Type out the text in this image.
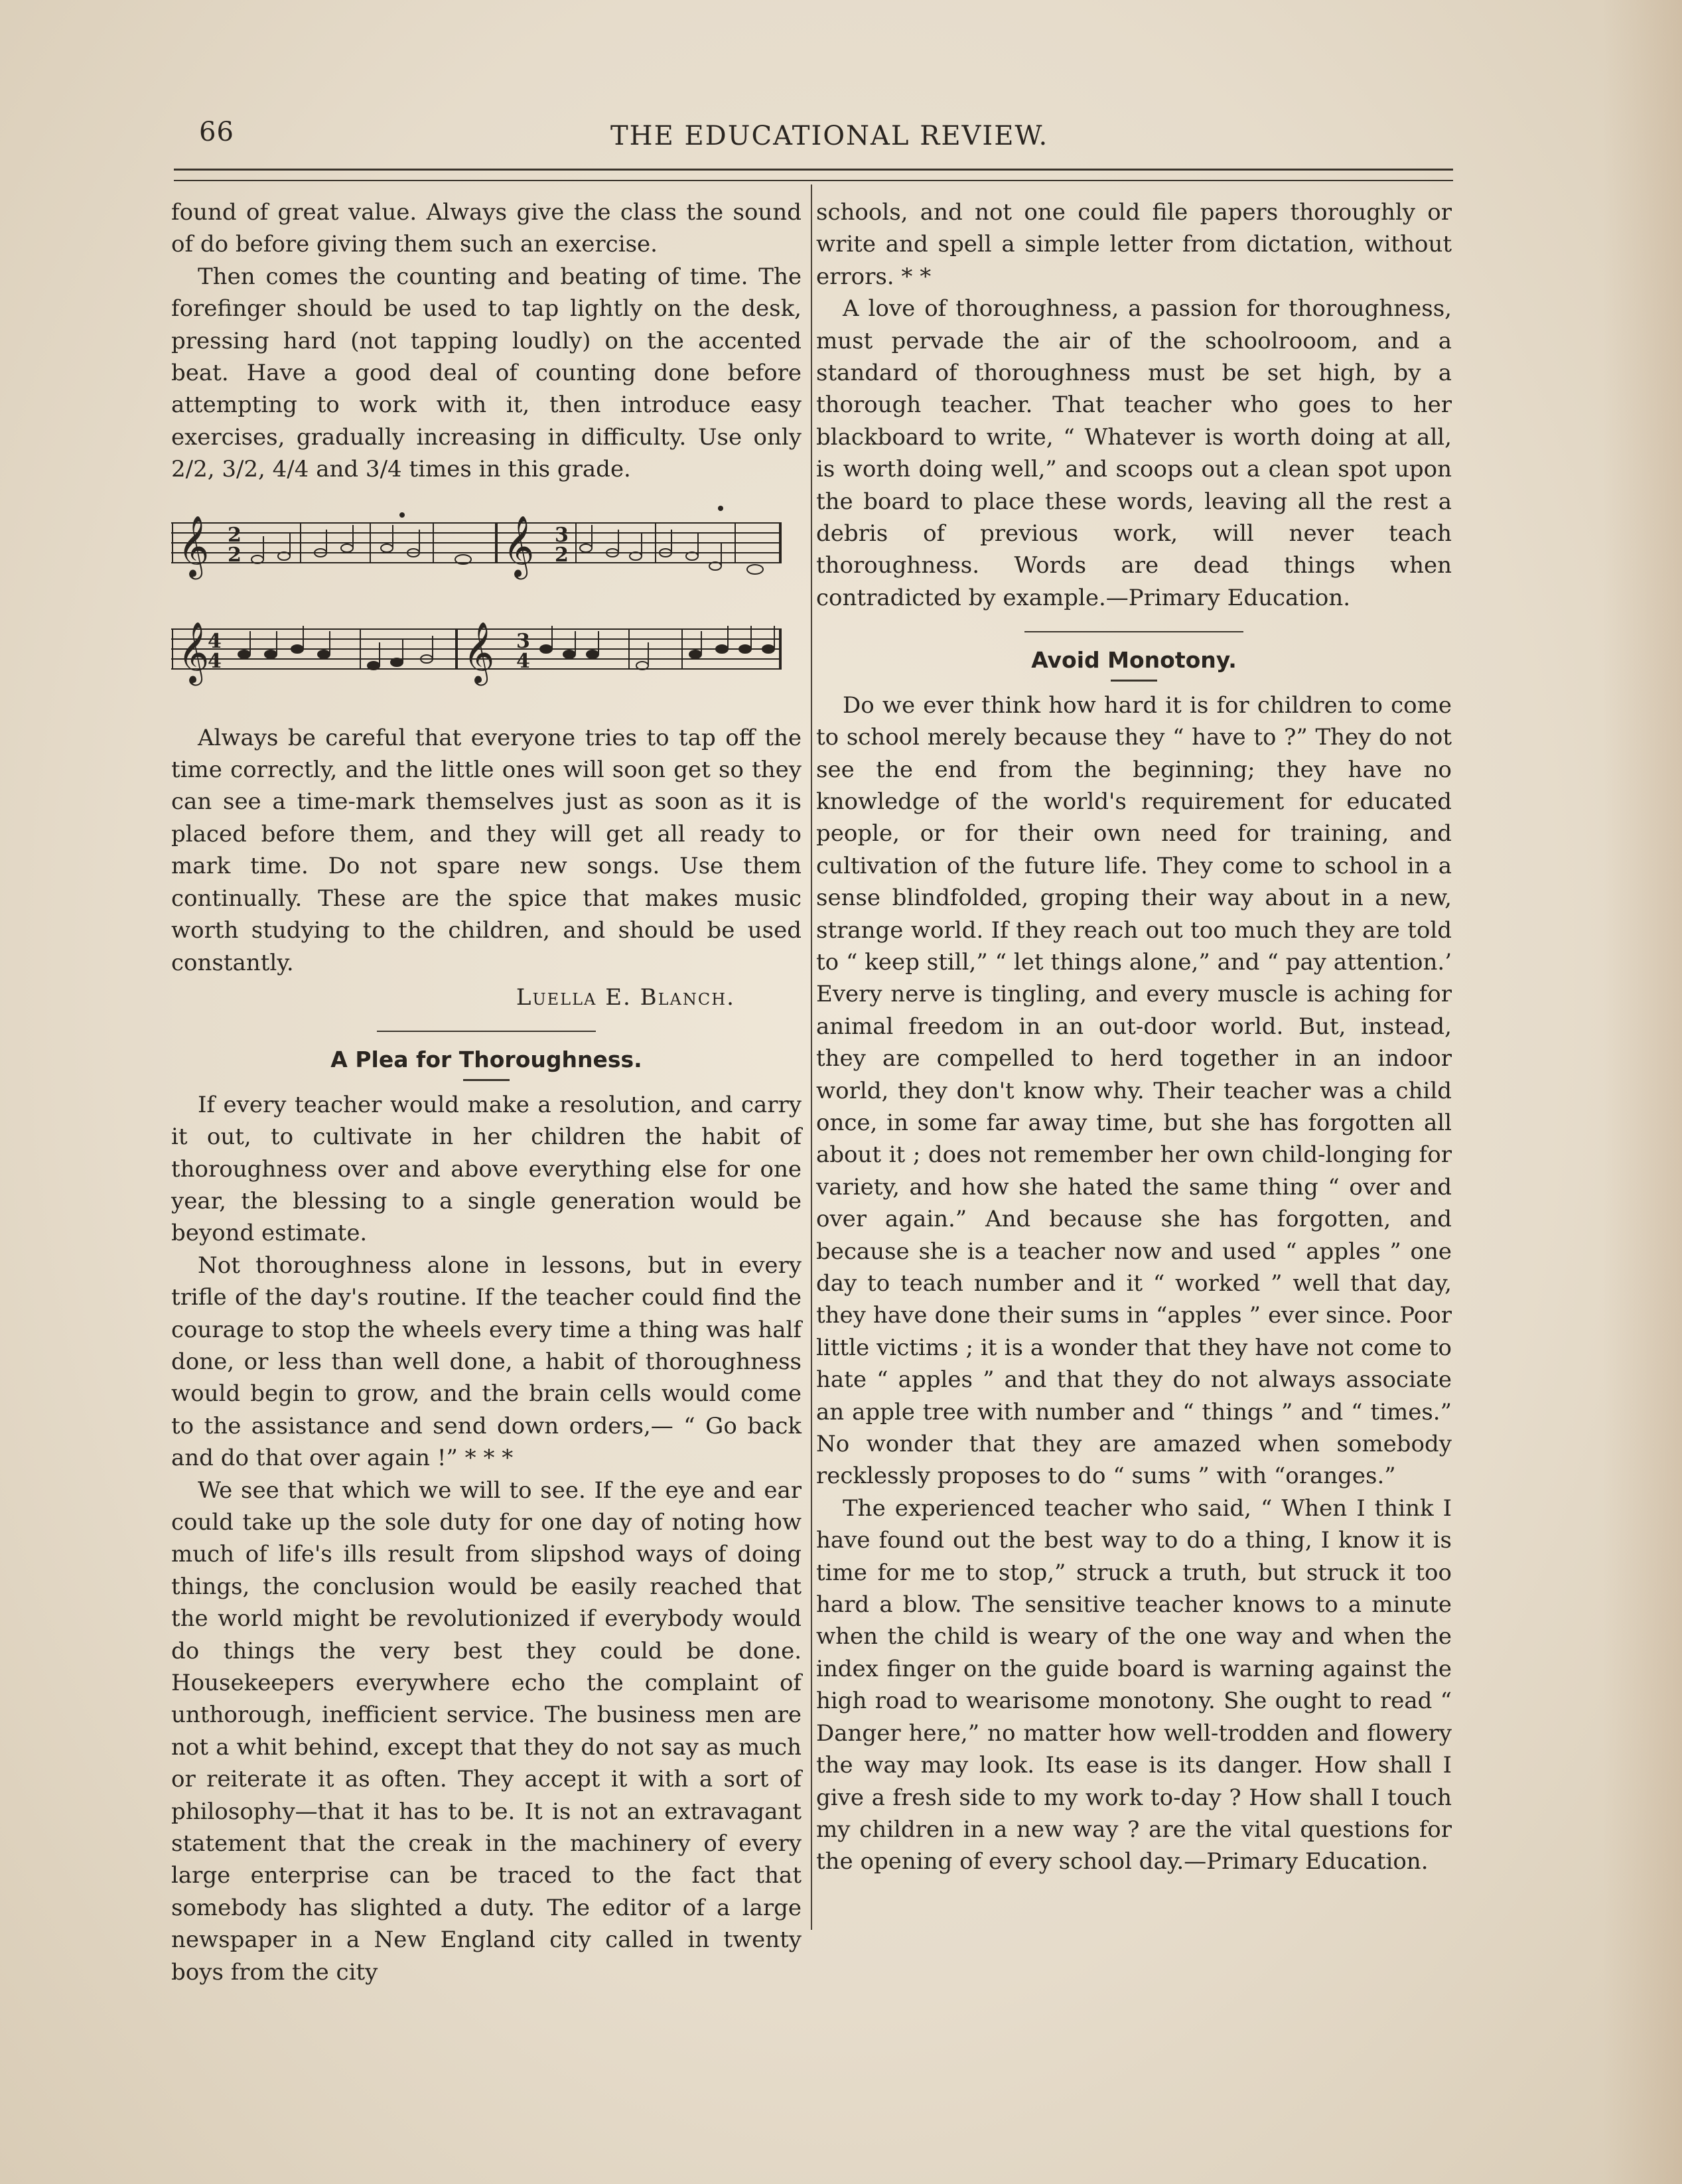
66	THE EDUCATIONAL REVIEW.

found of great value. Always give the class the sound of do before giving them such an exercise.

Then comes the counting and beating of time. The forefinger should be used to tap lightly on the desk, pressing hard (not tapping loudly) on the accented beat. Have a good deal of counting done before attempting to work with it, then introduce easy exercises, gradually increasing in difficulty. Use only 2/2, 3/2, 4/4 and 3/4 times in this grade.

𝄞	𝄞
2
2
3
2
𝄞	𝄞
4
4
3
4

Always be careful that everyone tries to tap off the time correctly, and the little ones will soon get so they can see a time-mark themselves just as soon as it is placed before them, and they will get all ready to mark time. Do not spare new songs. Use them continually. These are the spice that makes music worth studying to the children, and should be used constantly.

Luella E. Blanch.

A Plea for Thoroughness.

If every teacher would make a resolution, and carry it out, to cultivate in her children the habit of thoroughness over and above everything else for one year, the blessing to a single generation would be beyond estimate.

Not thoroughness alone in lessons, but in every trifle of the day's routine. If the teacher could find the courage to stop the wheels every time a thing was half done, or less than well done, a habit of thoroughness would begin to grow, and the brain cells would come to the assistance and send down orders,— “ Go back and do that over again !” * * *

We see that which we will to see. If the eye and ear could take up the sole duty for one day of noting how much of life's ills result from slipshod ways of doing things, the conclusion would be easily reached that the world might be revolutionized if everybody would do things the very best they could be done. Housekeepers everywhere echo the complaint of unthorough, inefficient service. The business men are not a whit behind, except that they do not say as much or reiterate it as often. They accept it with a sort of philosophy—that it has to be. It is not an extravagant statement that the creak in the machinery of every large enterprise can be traced to the fact that somebody has slighted a duty. The editor of a large newspaper in a New England city called in twenty boys from the city

schools, and not one could file papers thoroughly or write and spell a simple letter from dictation, without errors. * *

A love of thoroughness, a passion for thoroughness, must pervade the air of the schoolrooom, and a standard of thoroughness must be set high, by a thorough teacher. That teacher who goes to her blackboard to write, “ Whatever is worth doing at all, is worth doing well,” and scoops out a clean spot upon the board to place these words, leaving all the rest a debris of previous work, will never teach thoroughness. Words are dead things when contradicted by example.—Primary Education.

Avoid Monotony.

Do we ever think how hard it is for children to come to school merely because they “ have to ?” They do not see the end from the beginning; they have no knowledge of the world's requirement for educated people, or for their own need for training, and cultivation of the future life. They come to school in a sense blindfolded, groping their way about in a new, strange world. If they reach out too much they are told to “ keep still,” “ let things alone,” and “ pay attention.’ Every nerve is tingling, and every muscle is aching for animal freedom in an out-door world. But, instead, they are compelled to herd together in an indoor world, they don't know why. Their teacher was a child once, in some far away time, but she has forgotten all about it ; does not remember her own child-longing for variety, and how she hated the same thing “ over and over again.” And because she has forgotten, and because she is a teacher now and used “ apples ” one day to teach number and it “ worked ” well that day, they have done their sums in “apples ” ever since. Poor little victims ; it is a wonder that they have not come to hate “ apples ” and that they do not always associate an apple tree with number and “ things ” and “ times.” No wonder that they are amazed when somebody recklessly proposes to do “ sums ” with “oranges.”

The experienced teacher who said, “ When I think I have found out the best way to do a thing, I know it is time for me to stop,” struck a truth, but struck it too hard a blow. The sensitive teacher knows to a minute when the child is weary of the one way and when the index finger on the guide board is warning against the high road to wearisome monotony. She ought to read “ Danger here,” no matter how well-trodden and flowery the way may look. Its ease is its danger. How shall I give a fresh side to my work to-day ? How shall I touch my children in a new way ? are the vital questions for the opening of every school day.—Primary Education.
